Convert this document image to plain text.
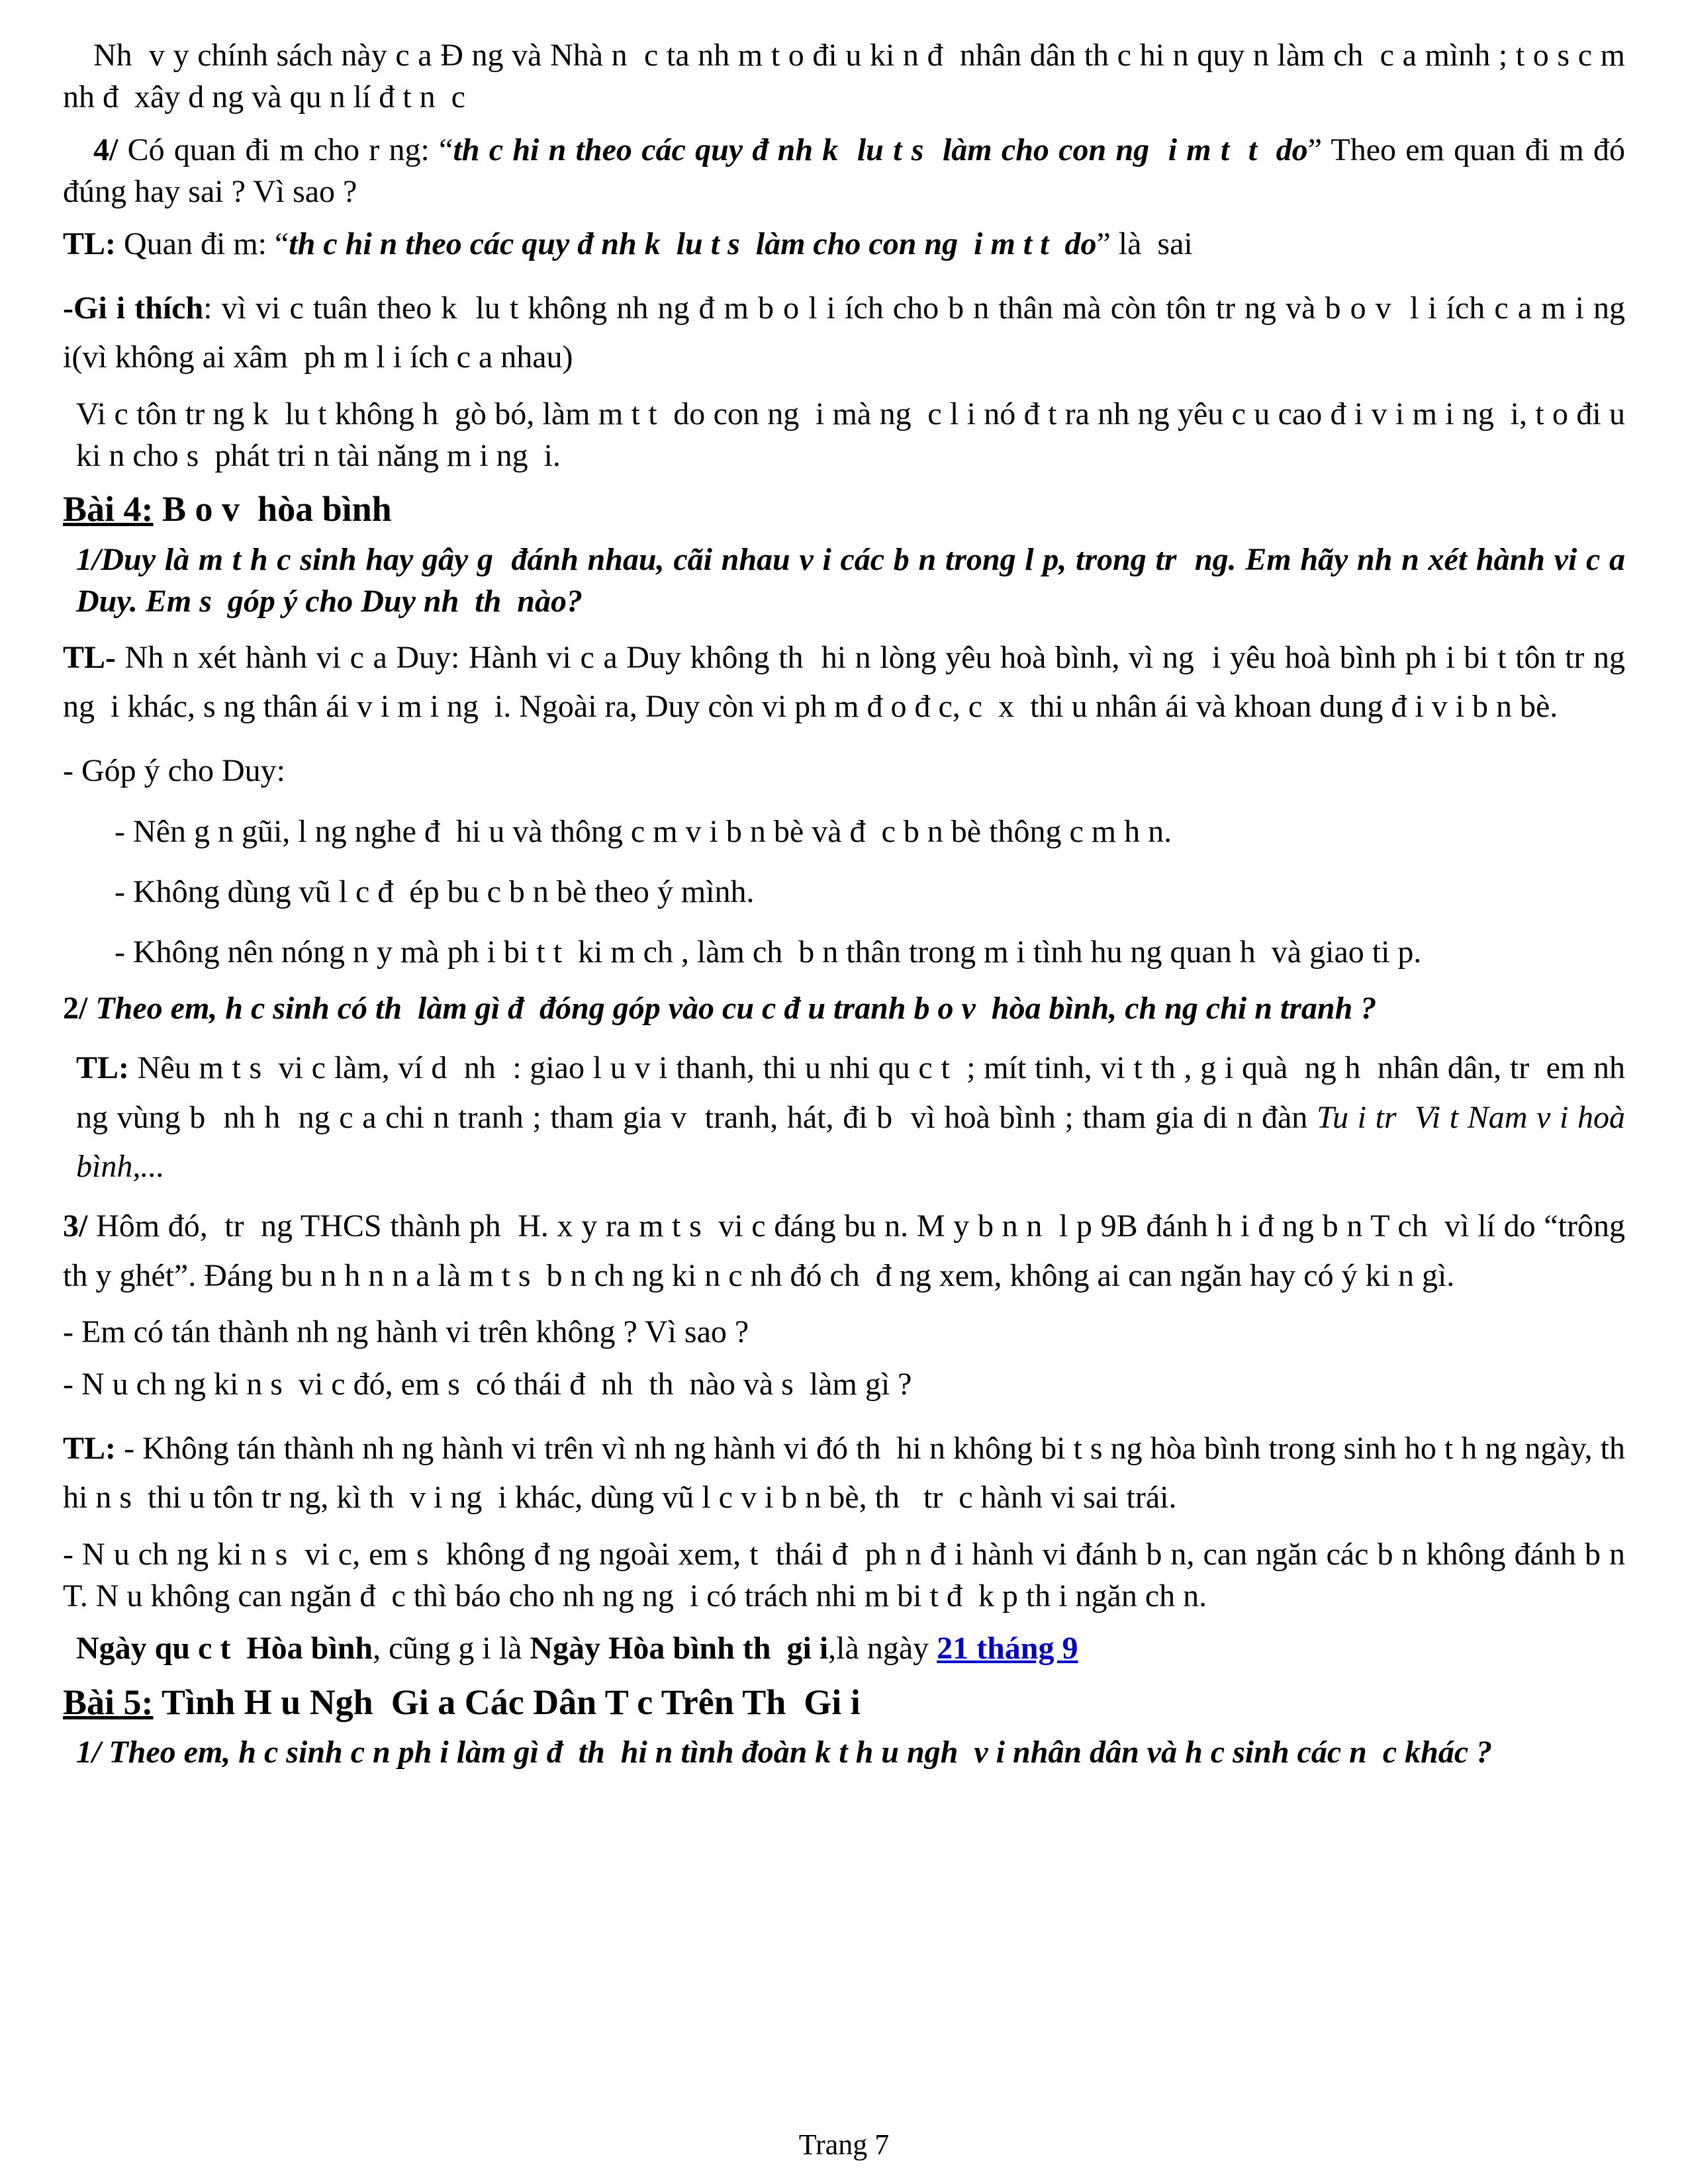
Nh  v y chính sách này c a Đ ng và Nhà n  c ta nh m t o đi u ki n đ  nhân dân th c hi n quy n làm ch  c a mình ; t o s c m nh đ  xây d ng và qu n lí đ t n  c

4/ Có quan đi m cho r ng: “th c hi n theo các quy đ nh k  lu t s  làm cho con ng  i m t  t  do” Theo em quan đi m đó đúng hay sai ? Vì sao ?

TL: Quan đi m: “th c hi n theo các quy đ nh k  lu t s  làm cho con ng  i m t t  do” là  sai

-Gi i thích: vì vi c tuân theo k  lu t không nh ng đ m b o l i ích cho b n thân mà còn tôn tr ng và b o v  l i ích c a m i ng  i(vì không ai xâm  ph m l i ích c a nhau)

Vi c tôn tr ng k  lu t không h  gò bó, làm m t t  do con ng  i mà ng  c l i nó đ t ra nh ng yêu c u cao đ i v i m i ng  i, t o đi u ki n cho s  phát tri n tài năng m i ng  i.

Bài 4: B o v  hòa bình

1/Duy là m t h c sinh hay gây g  đánh nhau, cãi nhau v i các b n trong l p, trong tr  ng. Em hãy nh n xét hành vi c a Duy. Em s  góp ý cho Duy nh  th  nào?

TL- Nh n xét hành vi c a Duy: Hành vi c a Duy không th  hi n lòng yêu hoà bình, vì ng  i yêu hoà bình ph i bi t tôn tr ng ng  i khác, s ng thân ái v i m i ng  i. Ngoài ra, Duy còn vi ph m đ o đ c, c  x  thi u nhân ái và khoan dung đ i v i b n bè.

- Góp ý cho Duy:

- Nên g n gũi, l ng nghe đ  hi u và thông c m v i b n bè và đ  c b n bè thông c m h n.

- Không dùng vũ l c đ  ép bu c b n bè theo ý mình.

- Không nên nóng n y mà ph i bi t t  ki m ch , làm ch  b n thân trong m i tình hu ng quan h  và giao ti p.

2/ Theo em, h c sinh có th  làm gì đ  đóng góp vào cu c đ u tranh b o v  hòa bình, ch ng chi n tranh ?

TL: Nêu m t s  vi c làm, ví d  nh  : giao l u v i thanh, thi u nhi qu c t  ; mít tinh, vi t th , g i quà  ng h  nhân dân, tr  em nh ng vùng b  nh h  ng c a chi n tranh ; tham gia v  tranh, hát, đi b  vì hoà bình ; tham gia di n đàn Tu i tr  Vi t Nam v i hoà bình,...

3/ Hôm đó,  tr  ng THCS thành ph  H. x y ra m t s  vi c đáng bu n. M y b n n  l p 9B đánh h i đ ng b n T ch  vì lí do “trông th y ghét”. Đáng bu n h n n a là m t s  b n ch ng ki n c nh đó ch  đ ng xem, không ai can ngăn hay có ý ki n gì.

- Em có tán thành nh ng hành vi trên không ? Vì sao ?

- N u ch ng ki n s  vi c đó, em s  có thái đ  nh  th  nào và s  làm gì ?

TL: - Không tán thành nh ng hành vi trên vì nh ng hành vi đó th  hi n không bi t s ng hòa bình trong sinh ho t h ng ngày, th  hi n s  thi u tôn tr ng, kì th  v i ng  i khác, dùng vũ l c v i b n bè, th   tr  c hành vi sai trái.

- N u ch ng ki n s  vi c, em s  không đ ng ngoài xem, t  thái đ  ph n đ i hành vi đánh b n, can ngăn các b n không đánh b n T. N u không can ngăn đ  c thì báo cho nh ng ng  i có trách nhi m bi t đ  k p th i ngăn ch n.

Ngày qu c t  Hòa bình, cũng g i là Ngày Hòa bình th  gi i,là ngày 21 tháng 9

Bài 5: Tình H u Ngh  Gi a Các Dân T c Trên Th  Gi i

1/ Theo em, h c sinh c n ph i làm gì đ  th  hi n tình đoàn k t h u ngh  v i nhân dân và h c sinh các n  c khác ?

Trang 7
